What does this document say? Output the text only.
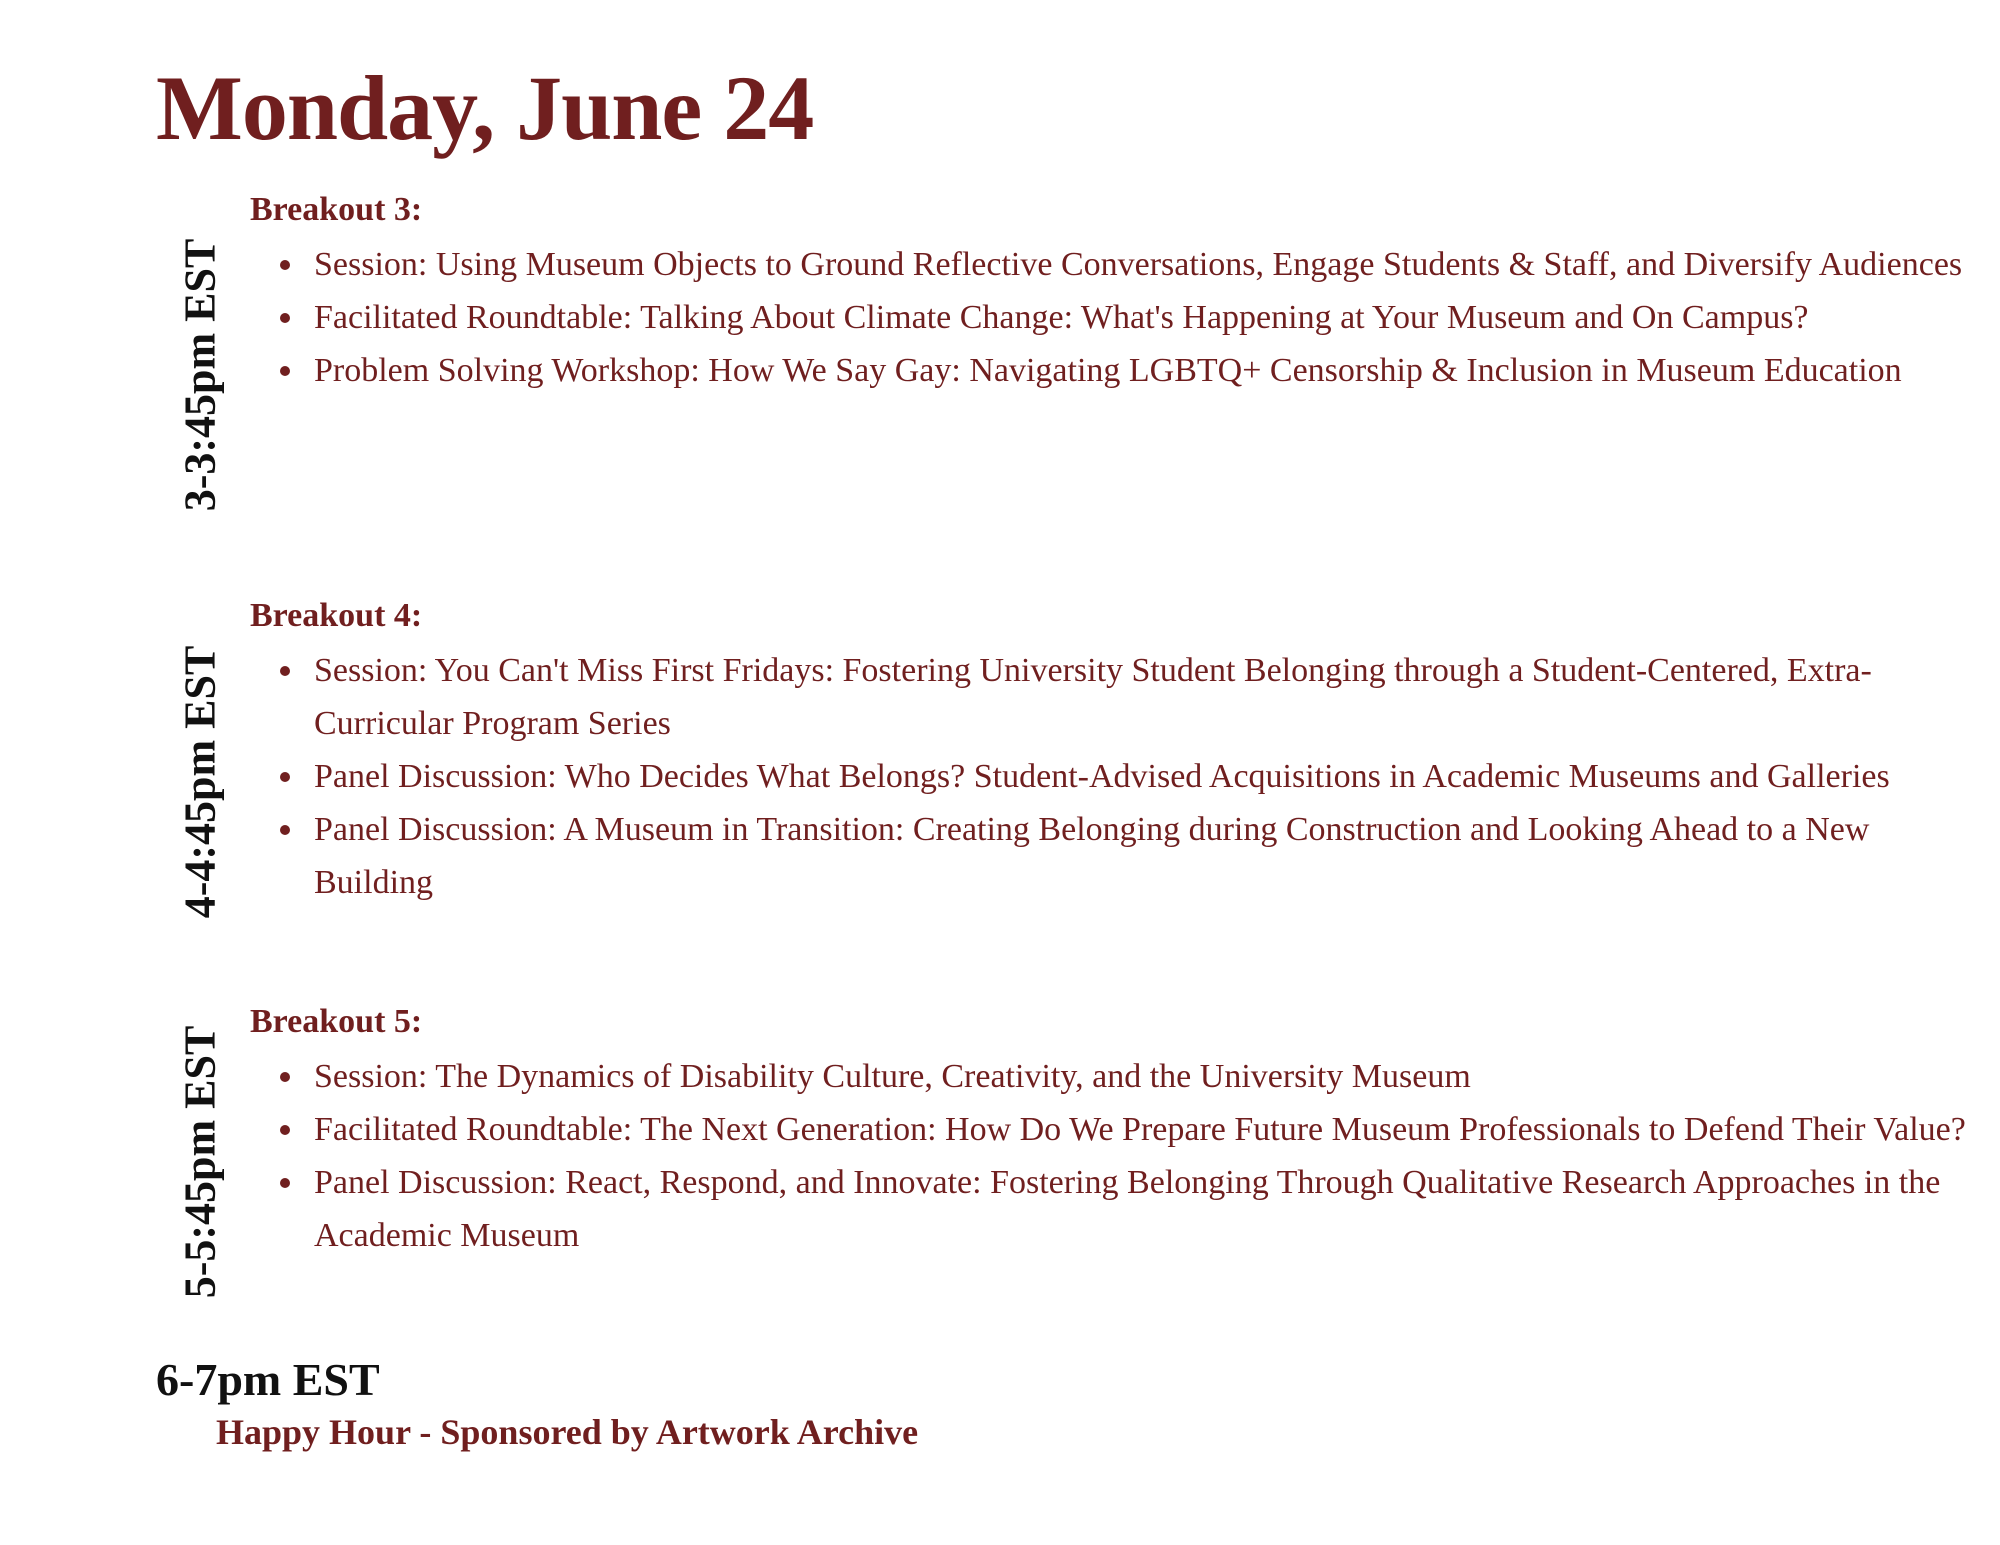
Monday, June 24
3-3:45pm EST
Breakout 3:
Session: Using Museum Objects to Ground Reflective Conversations, Engage Students & Staff, and Diversify Audiences
Facilitated Roundtable: Talking About Climate Change: What's Happening at Your Museum and On Campus?
Problem Solving Workshop: How We Say Gay: Navigating LGBTQ+ Censorship & Inclusion in Museum Education
4-4:45pm EST
Breakout 4:
Session: You Can't Miss First Fridays: Fostering University Student Belonging through a Student-Centered, Extra-Curricular Program Series
Panel Discussion: Who Decides What Belongs? Student-Advised Acquisitions in Academic Museums and Galleries
Panel Discussion: A Museum in Transition: Creating Belonging during Construction and Looking Ahead to a New Building
5-5:45pm EST
Breakout 5:
Session: The Dynamics of Disability Culture, Creativity, and the University Museum
Facilitated Roundtable: The Next Generation: How Do We Prepare Future Museum Professionals to Defend Their Value?
Panel Discussion: React, Respond, and Innovate: Fostering Belonging Through Qualitative Research Approaches in the Academic Museum
6-7pm EST
Happy Hour - Sponsored by Artwork Archive
